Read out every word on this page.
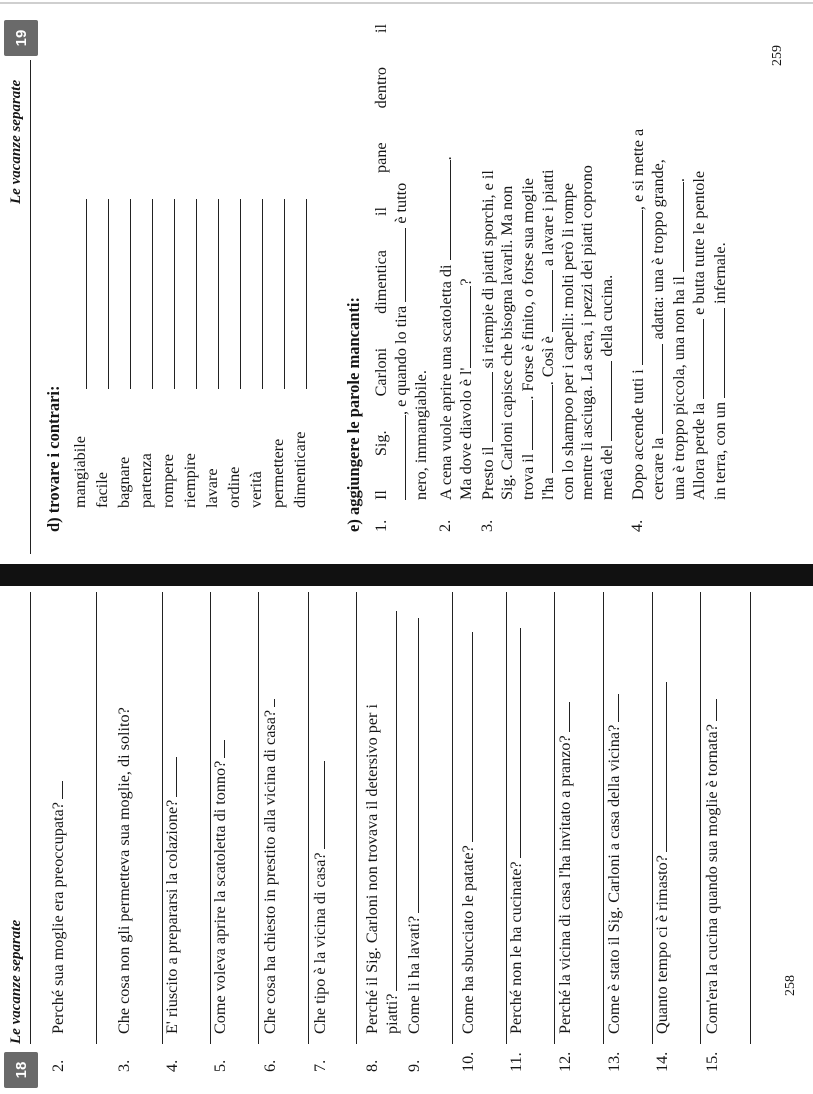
18
Le vacanze separate
2.Perché sua moglie era preoccupata?
3.Che cosa non gli permetteva sua moglie, di solito?
4.E' riuscito a prepararsi la colazione?
5.Come voleva aprire la scatoletta di tonno?
6.Che cosa ha chiesto in prestito alla vicina di casa?
7.Che tipo è la vicina di casa?
8.Perché il Sig. Carloni non trovava il detersivo per i piatti?
9.Come li ha lavati?
10.Come ha sbucciato le patate?
11.Perché non le ha cucinate?
12.Perché la vicina di casa l'ha invitato a pranzo?
13.Come è stato il Sig. Carloni a casa della vicina?
14.Quanto tempo ci è rimasto?
15.Com'era la cucina quando sua moglie è tornata?	258
Le vacanze separate
19
d) trovare i contrari: mangiabile facile bagnare partenza rompere riempire lavare ordine verità permettere dimenticare e) aggiungere le parole mancanti: 1.
Il Sig. Carloni dimentica il pane dentro il , e quando lo tira  è tutto
nero, immangiabile.
2.
A cena vuole aprire una scatoletta di .
Ma dove diavolo è l'?
3.
Presto il  si riempie di piatti sporchi, e il Sig. Carloni capisce che bisogna lavarli. Ma non trova il . Forse è finito, o forse sua moglie
l'ha . Così è  a lavare i piatti con lo shampoo per i capelli: molti però li rompe mentre li asciuga. La sera, i pezzi dei piatti coprono metà del  della cucina.
4.
Dopo accende tutti i , e si mette a
cercare la  adatta: una è troppo grande,
una è troppo piccola, una non ha il .
Allora perde la  e butta tutte le pentole
in terra, con un  infernale.
259
